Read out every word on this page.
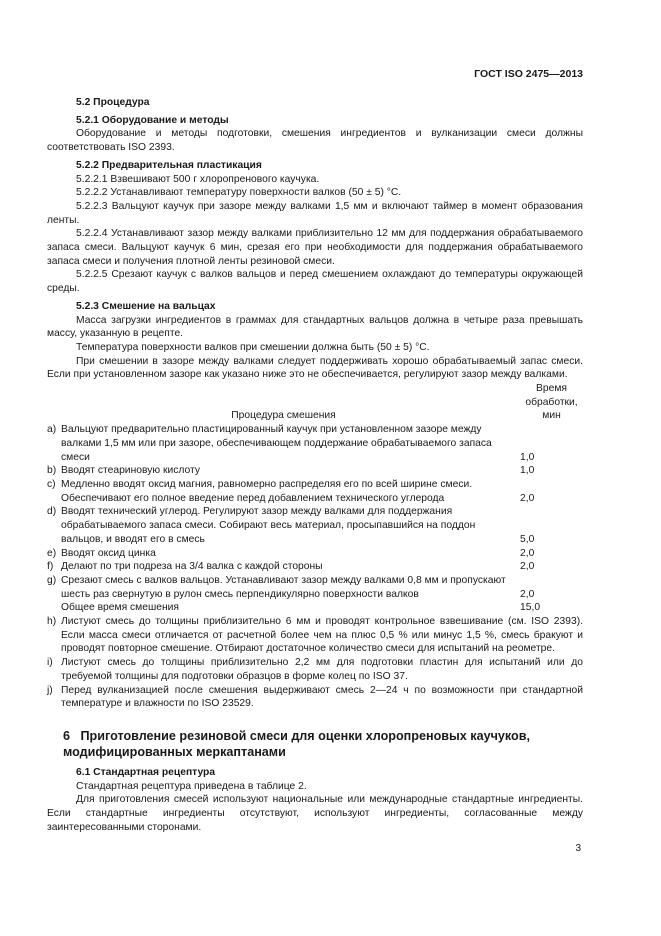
ГОСТ ISO 2475—2013

5.2 Процедура

5.2.1 Оборудование и методы

Оборудование и методы подготовки, смешения ингредиентов и вулканизации смеси должны соответствовать ISO 2393.

5.2.2 Предварительная пластикация

5.2.2.1 Взвешивают 500 г хлоропренового каучука.

5.2.2.2 Устанавливают температуру поверхности валков (50 ± 5) °С.

5.2.2.3 Вальцуют каучук при зазоре между валками 1,5 мм и включают таймер в момент образования ленты.

5.2.2.4 Устанавливают зазор между валками приблизительно 12 мм для поддержания обрабатываемого запаса смеси. Вальцуют каучук 6 мин, срезая его при необходимости для поддержания обрабатываемого запаса смеси и получения плотной ленты резиновой смеси.

5.2.2.5 Срезают каучук с валков вальцов и перед смешением охлаждают до температуры окружающей среды.

5.2.3 Смешение на вальцах

Масса загрузки ингредиентов в граммах для стандартных вальцов должна в четыре раза превышать массу, указанную в рецепте.

Температура поверхности валков при смешении должна быть (50 ± 5) °С.

При смешении в зазоре между валками следует поддерживать хорошо обрабатываемый запас смеси. Если при установленном зазоре как указано ниже это не обеспечивается, регулируют зазор между валками.

Процедура смешения	Время
обработки,
мин

a) Вальцуют предварительно пластицированный каучук при установленном зазоре между валками 1,5 мм или при зазоре, обеспечивающем поддержание обрабатываемого запаса смеси	1,0

b) Вводят стеариновую кислоту	1,0

c) Медленно вводят оксид магния, равномерно распределяя его по всей ширине смеси. Обеспечивают его полное введение перед добавлением технического углерода	2,0

d) Вводят технический углерод. Регулируют зазор между валками для поддержания обрабатываемого запаса смеси. Собирают весь материал, просыпавшийся на поддон вальцов, и вводят его в смесь	5,0

e) Вводят оксид цинка	2,0

f) Делают по три подреза на 3/4 валка с каждой стороны	2,0

g) Срезают смесь с валков вальцов. Устанавливают зазор между валками 0,8 мм и пропускают шесть раз свернутую в рулон смесь перпендикулярно поверхности валков	2,0
Общее время смешения	15,0
h) Листуют смесь до толщины приблизительно 6 мм и проводят контрольное взвешивание (см. ISO 2393). Если масса смеси отличается от расчетной более чем на плюс 0,5 % или минус 1,5 %, смесь бракуют и проводят повторное смешение. Отбирают достаточное количество смеси для испытаний на реометре.
i) Листуют смесь до толщины приблизительно 2,2 мм для подготовки пластин для испытаний или до требуемой толщины для подготовки образцов в форме колец по ISO 37.
j) Перед вулканизацией после смешения выдерживают смесь 2—24 ч по возможности при стандартной температуре и влажности по ISO 23529.
6 Приготовление резиновой смеси для оценки хлоропреновых каучуков, модифицированных меркаптанами

6.1 Стандартная рецептура

Стандартная рецептура приведена в таблице 2.

Для приготовления смесей используют национальные или международные стандартные ингредиенты. Если стандартные ингредиенты отсутствуют, используют ингредиенты, согласованные между заинтересованными сторонами.

3
